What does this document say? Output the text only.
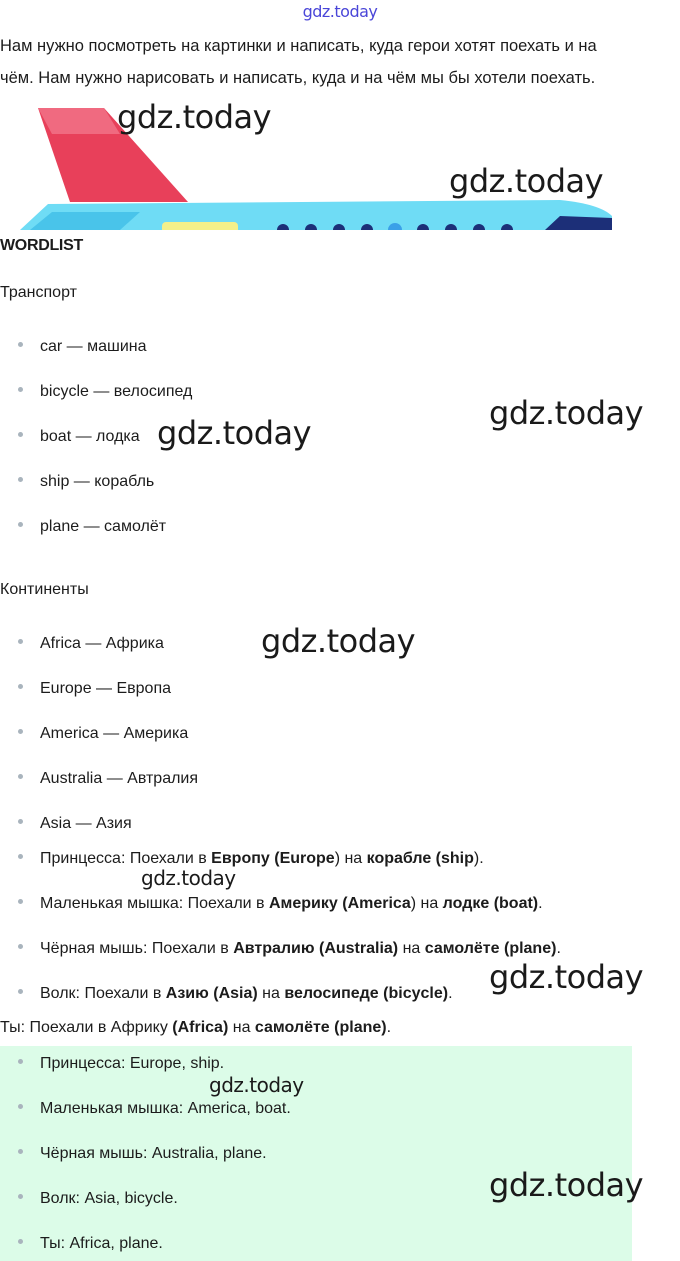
gdz.today
Нам нужно посмотреть на картинки и написать, куда герои хотят поехать и на
чём. Нам нужно нарисовать и написать, куда и на чём мы бы хотели поехать.
gdz.today
gdz.today
WORDLIST
Транспорт
car — машина
bicycle — велосипед
boat — лодка
ship — корабль
plane — самолёт
gdz.today
gdz.today
Континенты
Africa — Африка
Europe — Европа
America — Америка
Australia — Автралия
Asia — Азия
gdz.today
Принцесса: Поехали в Европу (Europe) на корабле (ship).
Маленькая мышка: Поехали в Америку (America) на лодке (boat).
Чёрная мышь: Поехали в Автралию (Australia) на самолёте (plane).
Волк: Поехали в Азию (Asia) на велосипеде (bicycle).
gdz.today
gdz.today
Ты: Поехали в Африку (Africa) на самолёте (plane).
Принцесса: Europe, ship.
Маленькая мышка: America, boat.
Чёрная мышь: Australia, plane.
Волк: Asia, bicycle.
Ты: Africa, plane.
gdz.today
gdz.today
